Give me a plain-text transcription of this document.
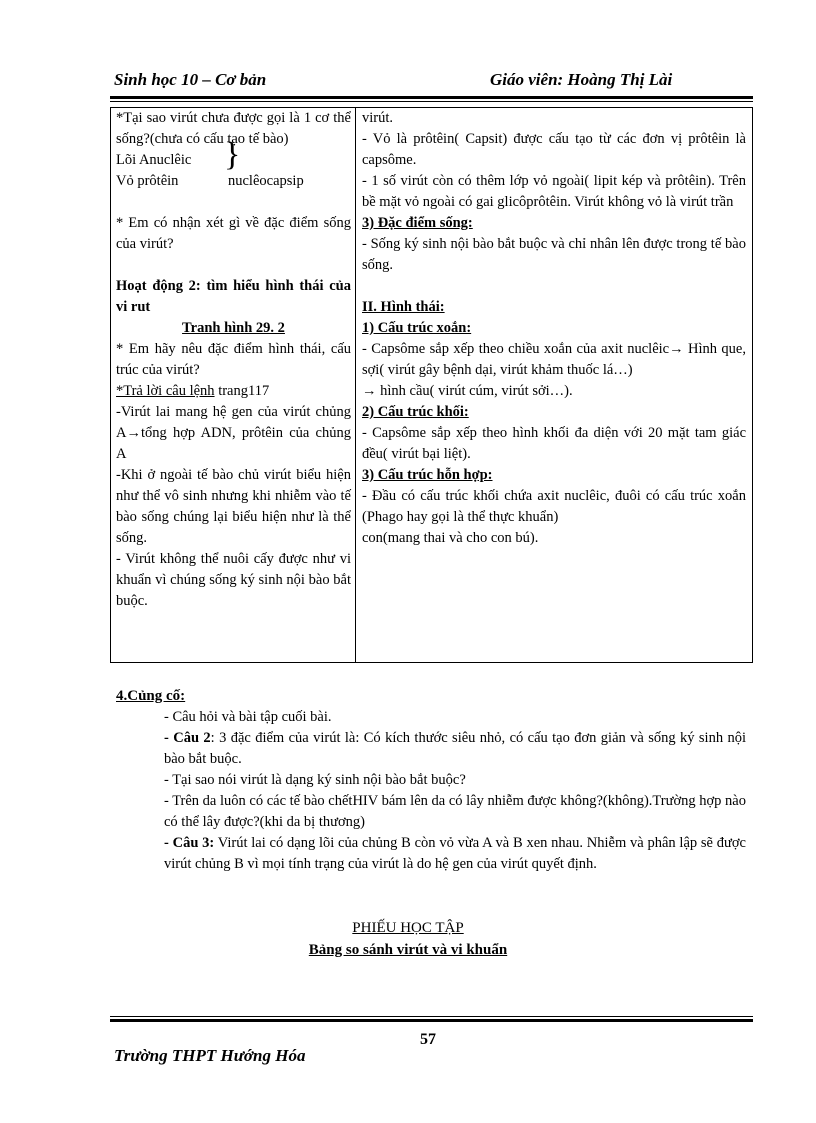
Sinh học 10 – Cơ bản	Giáo viên: Hoàng Thị Lài

*Tại sao virút chưa được gọi là 1 cơ thể sống?(chưa có cấu tạo tế bào)

Lõi Anuclêic

Vỏ prôtêin	nuclêocapsip

}

* Em có nhận xét gì về đặc điểm sống của virút?

Hoạt động 2: tìm hiểu hình thái của vi rut

Tranh hình 29. 2

* Em hãy nêu đặc điểm hình thái, cấu trúc của virút?

*Trả lời câu lệnh trang117

-Virút lai mang hệ gen của virút chủng A→tổng hợp ADN, prôtêin của chủng A

-Khi ở ngoài tế bào chủ virút biểu hiện như thể vô sinh nhưng khi nhiễm vào tế bào sống chúng lại biểu hiện như là thể sống.

- Virút không thể nuôi cấy được như vi khuẩn vì chúng sống ký sinh nội bào bắt buộc.

virút.

- Vỏ là prôtêin( Capsit) được cấu tạo từ các đơn vị prôtêin là capsôme.

- 1 số virút còn có thêm lớp vỏ ngoài( lipit kép và prôtêin). Trên bề mặt vỏ ngoài có gai glicôprôtêin. Virút không vỏ là virút trần

3) Đặc điểm sống:

- Sống ký sinh nội bào bắt buộc và chỉ nhân lên được trong tế bào sống.

II. Hình thái:

1) Cấu trúc xoắn:

- Capsôme sắp xếp theo chiều xoắn của axit nuclêic→ Hình que, sợi( virút gây bệnh dại, virút khảm thuốc lá…)

→ hình cầu( virút cúm, virút sởi…).

2) Cấu trúc khối:

- Capsôme sắp xếp theo hình khối đa diện với 20 mặt tam giác đều( virút bại liệt).

3) Cấu trúc hỗn hợp:

- Đầu có cấu trúc khối chứa axit nuclêic, đuôi có cấu trúc xoắn (Phago hay gọi là thể thực khuẩn)

con(mang thai và cho con bú).

4.Củng cố:

- Câu hỏi và bài tập cuối bài.

- Câu 2: 3 đặc điểm của virút là: Có kích thước siêu nhỏ, có cấu tạo đơn giản và sống ký sinh nội bào bắt buộc.

- Tại sao nói virút là dạng ký sinh nội bào bắt buộc?

- Trên da luôn có các tế bào chếtHIV bám lên da có lây nhiễm được không?(không).Trường hợp nào có thể lây được?(khi da bị thương)

- Câu 3: Virút lai có dạng lõi của chủng B còn vỏ vừa A và B xen nhau. Nhiễm và phân lập sẽ được virút chủng B vì mọi tính trạng của virút là do hệ gen của virút quyết định.

PHIẾU HỌC TẬP
Bảng so sánh virút và vi khuẩn
57
Trường THPT Hướng Hóa
